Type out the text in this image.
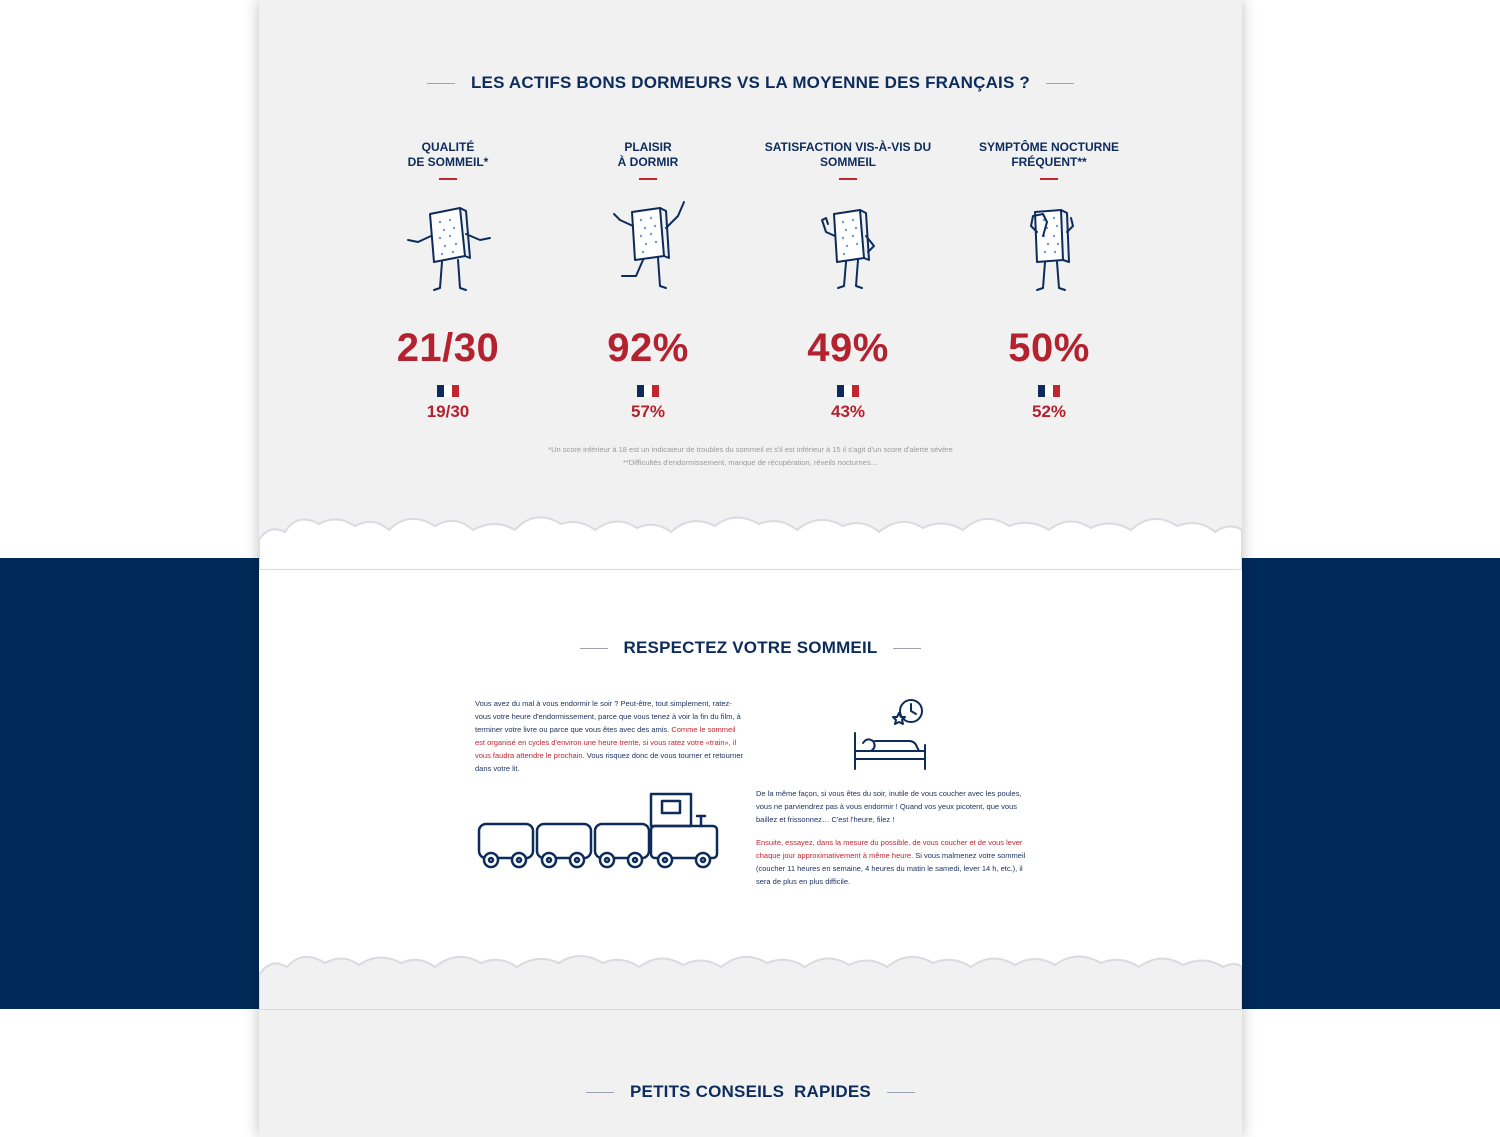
LES ACTIFS BONS DORMEURS VS LA MOYENNE DES FRANÇAIS ?
QUALITÉ
DE SOMMEIL*
21/30
19/30
PLAISIR
À DORMIR
92%
57%
SATISFACTION VIS-À-VIS DU
SOMMEIL
49%
43%
SYMPTÔME NOCTURNE
FRÉQUENT**
50%
52%
*Un score inférieur à 18 est un indicateur de troubles du sommeil et s'il est inférieur à 15 il s'agit d'un score d'alerte sévère
**Difficultés d'endormissement, manque de récupération, réveils nocturnes…
RESPECTEZ VOTRE SOMMEIL
Vous avez du mal à vous endormir le soir ? Peut-être, tout simplement, ratez-vous votre heure d'endormissement, parce que vous tenez à voir la fin du film, à terminer votre livre ou parce que vous êtes avec des amis. Comme le sommeil est organisé en cycles d'environ une heure trente, si vous ratez votre «train», il vous faudra attendre le prochain. Vous risquez donc de vous tourner et retourner dans votre lit.
De la même façon, si vous êtes du soir, inutile de vous coucher avec les poules, vous ne parviendrez pas à vous endormir ! Quand vos yeux picotent, que vous baillez et frissonnez… C'est l'heure, filez !
Ensuite, essayez, dans la mesure du possible, de vous coucher et de vous lever chaque jour approximativement à même heure. Si vous malmenez votre sommeil (coucher 11 heures en semaine, 4 heures du matin le samedi, lever 14 h, etc.), il sera de plus en plus difficile.
PETITS CONSEILS  RAPIDES
